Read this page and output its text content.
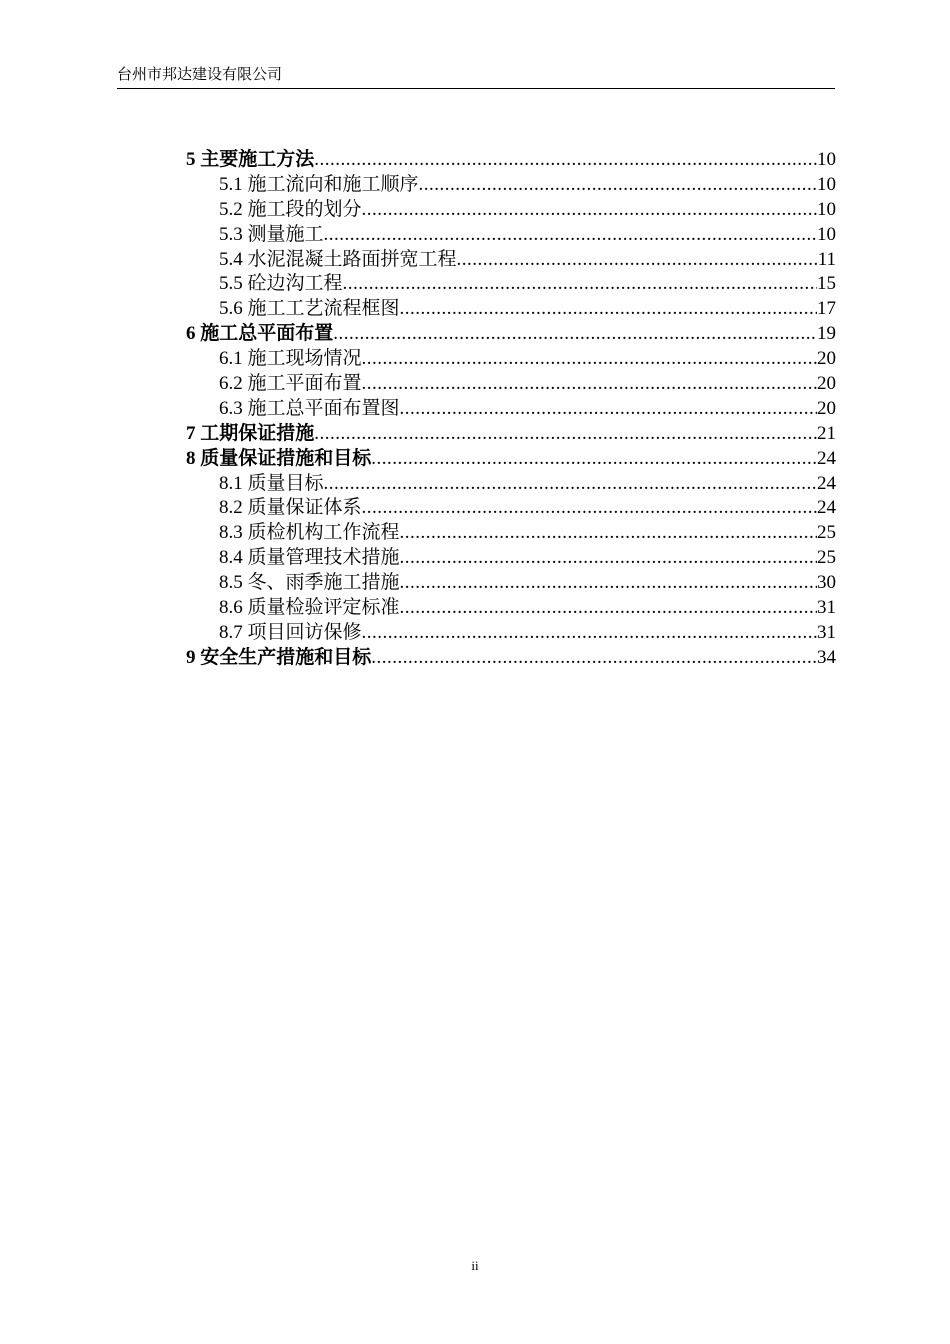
台州市邦达建设有限公司
5 主要施工方法 .....	10
5.1 施工流向和施工顺序 .....	10
5.2 施工段的划分 .....	10
5.3 测量施工 .....	10
5.4 水泥混凝土路面拼宽工程 .....	11
5.5 砼边沟工程 .....	15
5.6 施工工艺流程框图 .....	17
6 施工总平面布置 .....	19
6.1 施工现场情况 .....	20
6.2 施工平面布置 .....	20
6.3 施工总平面布置图 .....	20
7 工期保证措施 .....	21
8 质量保证措施和目标 .....	24
8.1 质量目标 .....	24
8.2 质量保证体系 .....	24
8.3 质检机构工作流程 .....	25
8.4 质量管理技术措施 .....	25
8.5 冬、雨季施工措施 .....	30
8.6 质量检验评定标准 .....	31
8.7 项目回访保修 .....	31
9 安全生产措施和目标 .....	34
ii
